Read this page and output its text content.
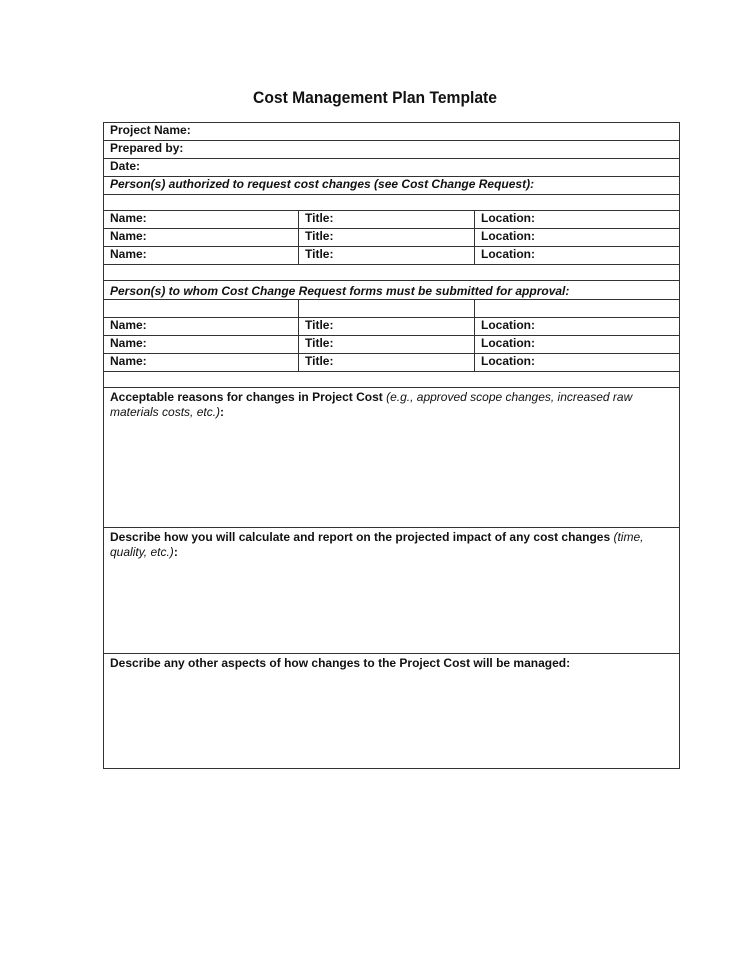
Cost Management Plan Template
Project Name:		
Prepared by:		
Date:		
Person(s) authorized to request cost changes (see Cost Change Request):		

Name:	Title:	Location:
Name:	Title:	Location:
Name:	Title:	Location:

Person(s) to whom Cost Change Request forms must be submitted for approval:		

Name:	Title:	Location:
Name:	Title:	Location:
Name:	Title:	Location:

Acceptable reasons for changes in Project Cost (e.g., approved scope changes, increased raw materials costs, etc.):		
Describe how you will calculate and report on the projected impact of any cost changes (time, quality, etc.):		
Describe any other aspects of how changes to the Project Cost will be managed:		
